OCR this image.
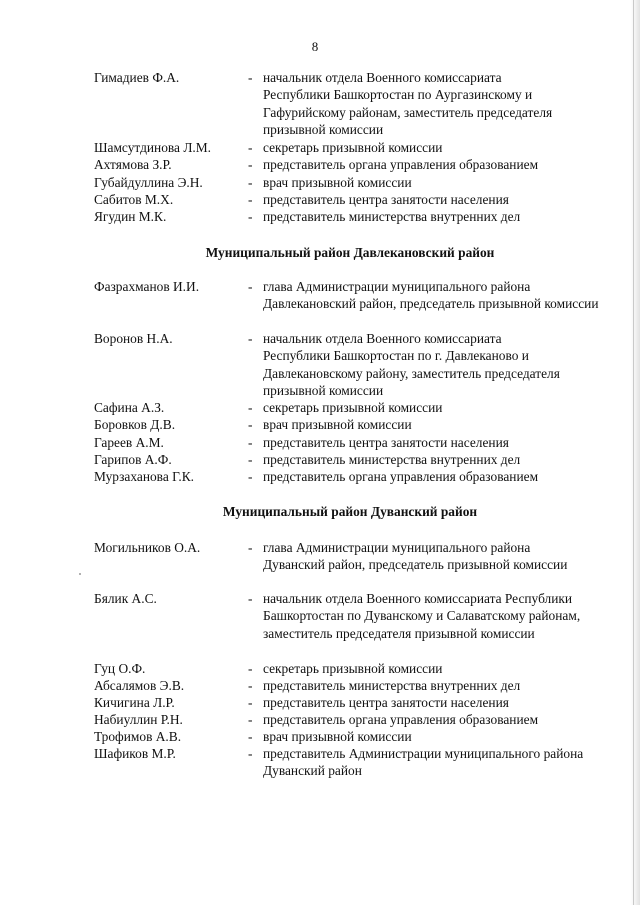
8
Гимадиев Ф.А.	- начальник отдела Военного комиссариата Республики Башкортостан по Аургазинскому и Гафурийскому районам, заместитель председателя призывной комиссии
Шамсутдинова Л.М.	- секретарь призывной комиссии
Ахтямова З.Р.	- представитель органа управления образованием
Губайдуллина Э.Н.	- врач призывной комиссии
Сабитов М.Х.	- представитель центра занятости населения
Ягудин М.К.	- представитель министерства внутренних дел
Муниципальный район Давлекановский район
Фазрахманов И.И.	- глава Администрации муниципального района Давлекановский район, председатель призывной комиссии
Воронов Н.А.	- начальник отдела Военного комиссариата Республики Башкортостан по г. Давлеканово и Давлекановскому району, заместитель председателя призывной комиссии
Сафина А.З.	- секретарь призывной комиссии
Боровков Д.В.	- врач призывной комиссии
Гареев А.М.	- представитель центра занятости населения
Гарипов А.Ф.	- представитель министерства внутренних дел
Мурзаханова Г.К.	- представитель органа управления образованием
Муниципальный район Дуванский район
Могильников О.А.	- глава Администрации муниципального района Дуванский район, председатель призывной комиссии
Бялик А.С.	- начальник отдела Военного комиссариата Республики Башкортостан по Дуванскому и Салаватскому районам, заместитель председателя призывной комиссии
Гуц О.Ф.	- секретарь призывной комиссии
Абсалямов Э.В.	- представитель министерства внутренних дел
Кичигина Л.Р.	- представитель центра занятости населения
Набиуллин Р.Н.	- представитель органа управления образованием
Трофимов А.В.	- врач призывной комиссии
Шафиков М.Р.	- представитель Администрации муниципального района Дуванский район
